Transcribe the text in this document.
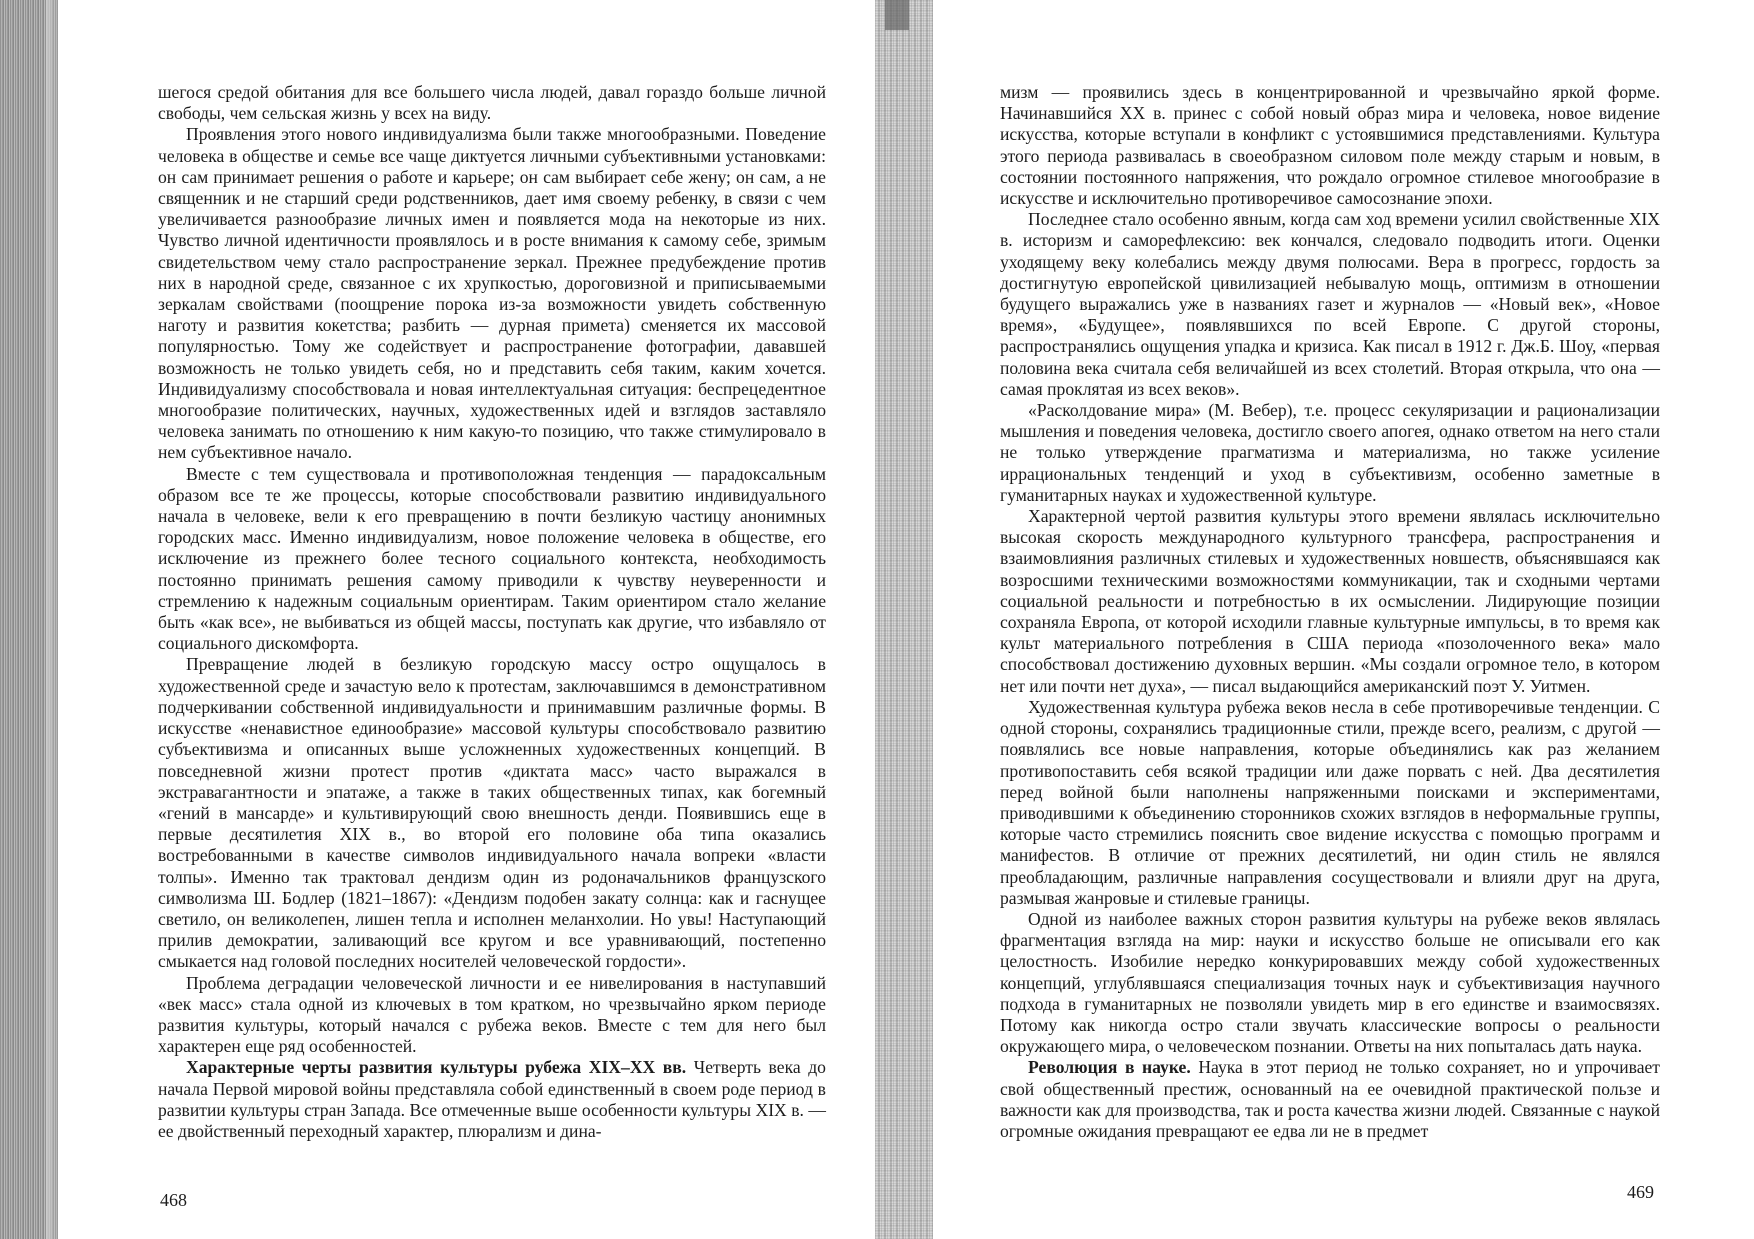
шегося средой обитания для все большего числа людей, давал гораздо больше личной свободы, чем сельская жизнь у всех на виду.

Проявления этого нового индивидуализма были также многообразными. Поведение человека в обществе и семье все чаще диктуется личными субъективными установками: он сам принимает решения о работе и карьере; он сам выбирает себе жену; он сам, а не священник и не старший среди родственников, дает имя своему ребенку, в связи с чем увеличивается разнообразие личных имен и появляется мода на некоторые из них. Чувство личной идентичности проявлялось и в росте внимания к самому себе, зримым свидетельством чему стало распространение зеркал. Прежнее предубеждение против них в народной среде, связанное с их хрупкостью, дороговизной и приписываемыми зеркалам свойствами (поощрение порока из-за возможности увидеть собственную наготу и развития кокетства; разбить — дурная примета) сменяется их массовой популярностью. Тому же содействует и распространение фотографии, дававшей возможность не только увидеть себя, но и представить себя таким, каким хочется. Индивидуализму способствовала и новая интеллектуальная ситуация: беспрецедентное многообразие политических, научных, художественных идей и взглядов заставляло человека занимать по отношению к ним какую-то позицию, что также стимулировало в нем субъективное начало.

Вместе с тем существовала и противоположная тенденция — парадоксальным образом все те же процессы, которые способствовали развитию индивидуального начала в человеке, вели к его превращению в почти безликую частицу анонимных городских масс. Именно индивидуализм, новое положение человека в обществе, его исключение из прежнего более тесного социального контекста, необходимость постоянно принимать решения самому приводили к чувству неуверенности и стремлению к надежным социальным ориентирам. Таким ориентиром стало желание быть «как все», не выбиваться из общей массы, поступать как другие, что избавляло от социального дискомфорта.

Превращение людей в безликую городскую массу остро ощущалось в художественной среде и зачастую вело к протестам, заключавшимся в демонстративном подчеркивании собственной индивидуальности и принимавшим различные формы. В искусстве «ненавистное единообразие» массовой культуры способствовало развитию субъективизма и описанных выше усложненных художественных концепций. В повседневной жизни протест против «диктата масс» часто выражался в экстравагантности и эпатаже, а также в таких общественных типах, как богемный «гений в мансарде» и культивирующий свою внешность денди. Появившись еще в первые десятилетия XIX в., во второй его половине оба типа оказались востребованными в качестве символов индивидуального начала вопреки «власти толпы». Именно так трактовал дендизм один из родоначальников французского символизма Ш. Бодлер (1821–1867): «Дендизм подобен закату солнца: как и гаснущее светило, он великолепен, лишен тепла и исполнен меланхолии. Но увы! Наступающий прилив демократии, заливающий все кругом и все уравнивающий, постепенно смыкается над головой последних носителей человеческой гордости».

Проблема деградации человеческой личности и ее нивелирования в наступавший «век масс» стала одной из ключевых в том кратком, но чрезвычайно ярком периоде развития культуры, который начался с рубежа веков. Вместе с тем для него был характерен еще ряд особенностей.

Характерные черты развития культуры рубежа XIX–XX вв. Четверть века до начала Первой мировой войны представляла собой единственный в своем роде период в развитии культуры стран Запада. Все отмеченные выше особенности культуры XIX в. — ее двойственный переходный характер, плюрализм и дина-

468

мизм — проявились здесь в концентрированной и чрезвычайно яркой форме. Начинавшийся XX в. принес с собой новый образ мира и человека, новое видение искусства, которые вступали в конфликт с устоявшимися представлениями. Культура этого периода развивалась в своеобразном силовом поле между старым и новым, в состоянии постоянного напряжения, что рождало огромное стилевое многообразие в искусстве и исключительно противоречивое самосознание эпохи.

Последнее стало особенно явным, когда сам ход времени усилил свойственные XIX в. историзм и саморефлексию: век кончался, следовало подводить итоги. Оценки уходящему веку колебались между двумя полюсами. Вера в прогресс, гордость за достигнутую европейской цивилизацией небывалую мощь, оптимизм в отношении будущего выражались уже в названиях газет и журналов — «Новый век», «Новое время», «Будущее», появлявшихся по всей Европе. С другой стороны, распространялись ощущения упадка и кризиса. Как писал в 1912 г. Дж.Б. Шоу, «первая половина века считала себя величайшей из всех столетий. Вторая открыла, что она — самая проклятая из всех веков».

«Расколдование мира» (М. Вебер), т.е. процесс секуляризации и рационализации мышления и поведения человека, достигло своего апогея, однако ответом на него стали не только утверждение прагматизма и материализма, но также усиление иррациональных тенденций и уход в субъективизм, особенно заметные в гуманитарных науках и художественной культуре.

Характерной чертой развития культуры этого времени являлась исключительно высокая скорость международного культурного трансфера, распространения и взаимовлияния различных стилевых и художественных новшеств, объяснявшаяся как возросшими техническими возможностями коммуникации, так и сходными чертами социальной реальности и потребностью в их осмыслении. Лидирующие позиции сохраняла Европа, от которой исходили главные культурные импульсы, в то время как культ материального потребления в США периода «позолоченного века» мало способствовал достижению духовных вершин. «Мы создали огромное тело, в котором нет или почти нет духа», — писал выдающийся американский поэт У. Уитмен.

Художественная культура рубежа веков несла в себе противоречивые тенденции. С одной стороны, сохранялись традиционные стили, прежде всего, реализм, с другой — появлялись все новые направления, которые объединялись как раз желанием противопоставить себя всякой традиции или даже порвать с ней. Два десятилетия перед войной были наполнены напряженными поисками и экспериментами, приводившими к объединению сторонников схожих взглядов в неформальные группы, которые часто стремились пояснить свое видение искусства с помощью программ и манифестов. В отличие от прежних десятилетий, ни один стиль не являлся преобладающим, различные направления сосуществовали и влияли друг на друга, размывая жанровые и стилевые границы.

Одной из наиболее важных сторон развития культуры на рубеже веков являлась фрагментация взгляда на мир: науки и искусство больше не описывали его как целостность. Изобилие нередко конкурировавших между собой художественных концепций, углублявшаяся специализация точных наук и субъективизация научного подхода в гуманитарных не позволяли увидеть мир в его единстве и взаимосвязях. Потому как никогда остро стали звучать классические вопросы о реальности окружающего мира, о человеческом познании. Ответы на них попыталась дать наука.

Революция в науке. Наука в этот период не только сохраняет, но и упрочивает свой общественный престиж, основанный на ее очевидной практической пользе и важности как для производства, так и роста качества жизни людей. Связанные с наукой огромные ожидания превращают ее едва ли не в предмет

469
